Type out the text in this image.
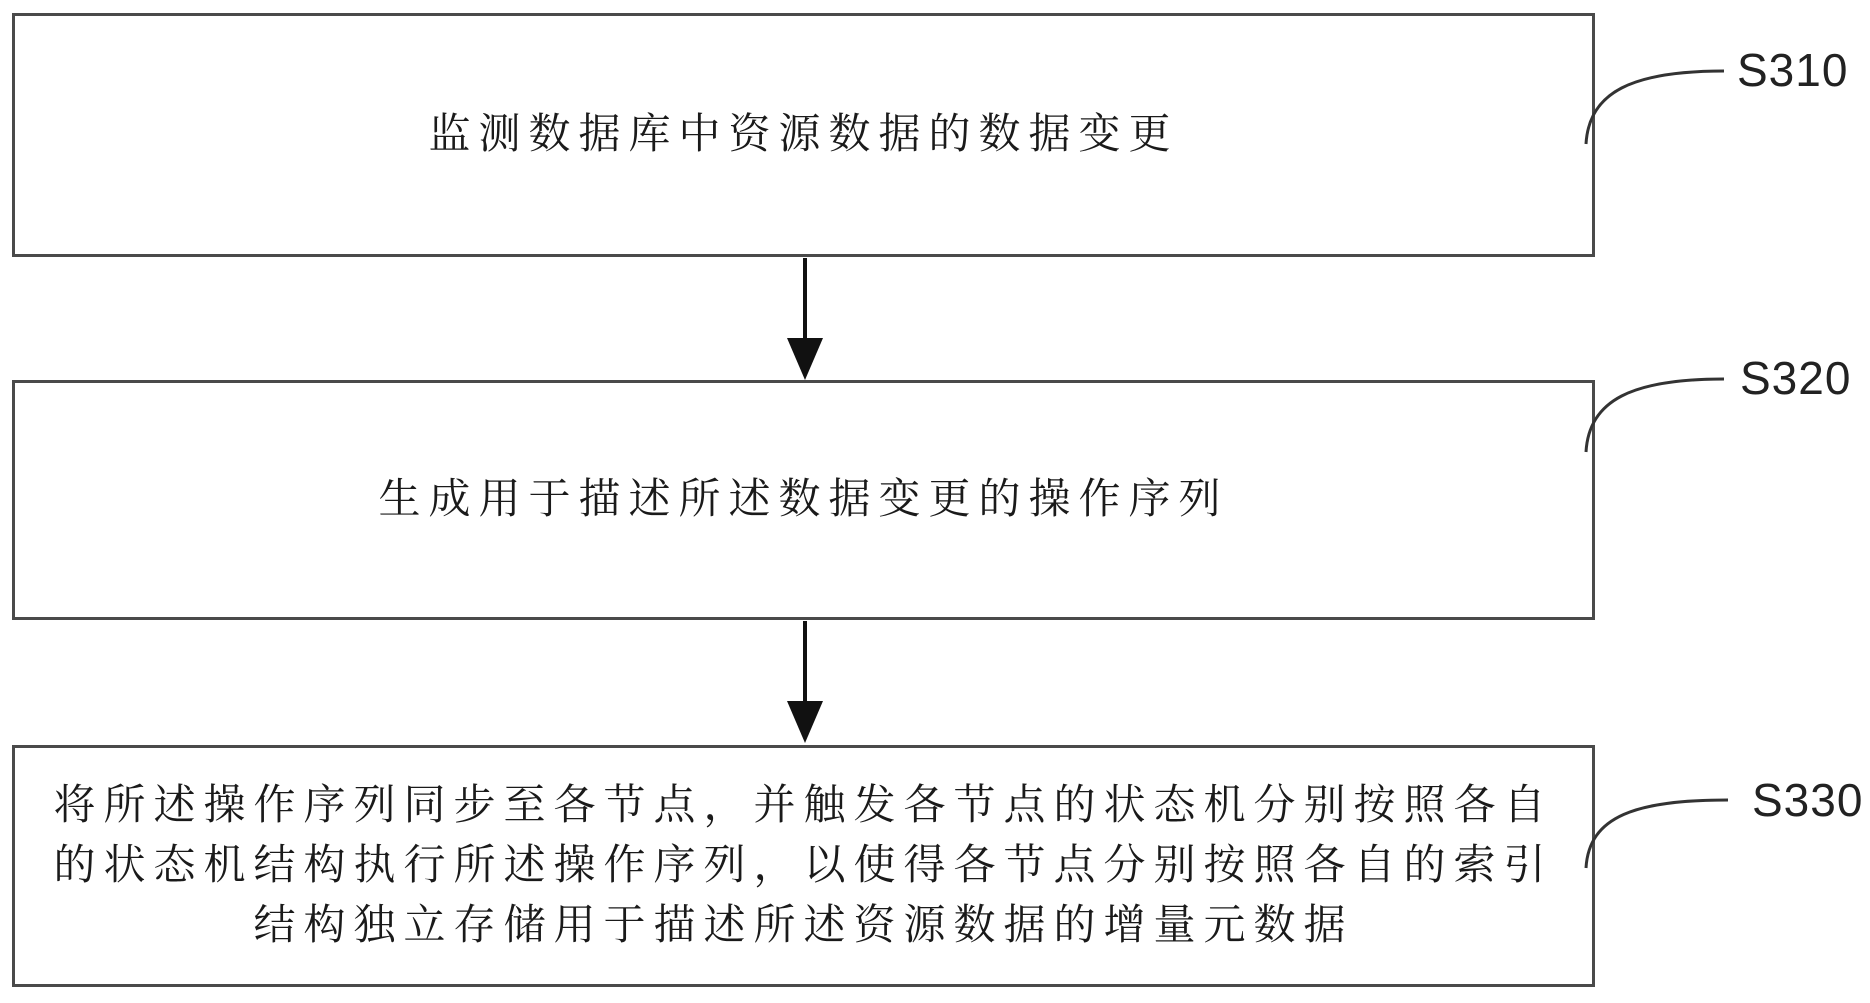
监测数据库中资源数据的数据变更
生成用于描述所述数据变更的操作序列
将所述操作序列同步至各节点，并触发各节点的状态机分别按照各自
的状态机结构执行所述操作序列，以使得各节点分别按照各自的索引
结构独立存储用于描述所述资源数据的增量元数据
S310
S320
S330
